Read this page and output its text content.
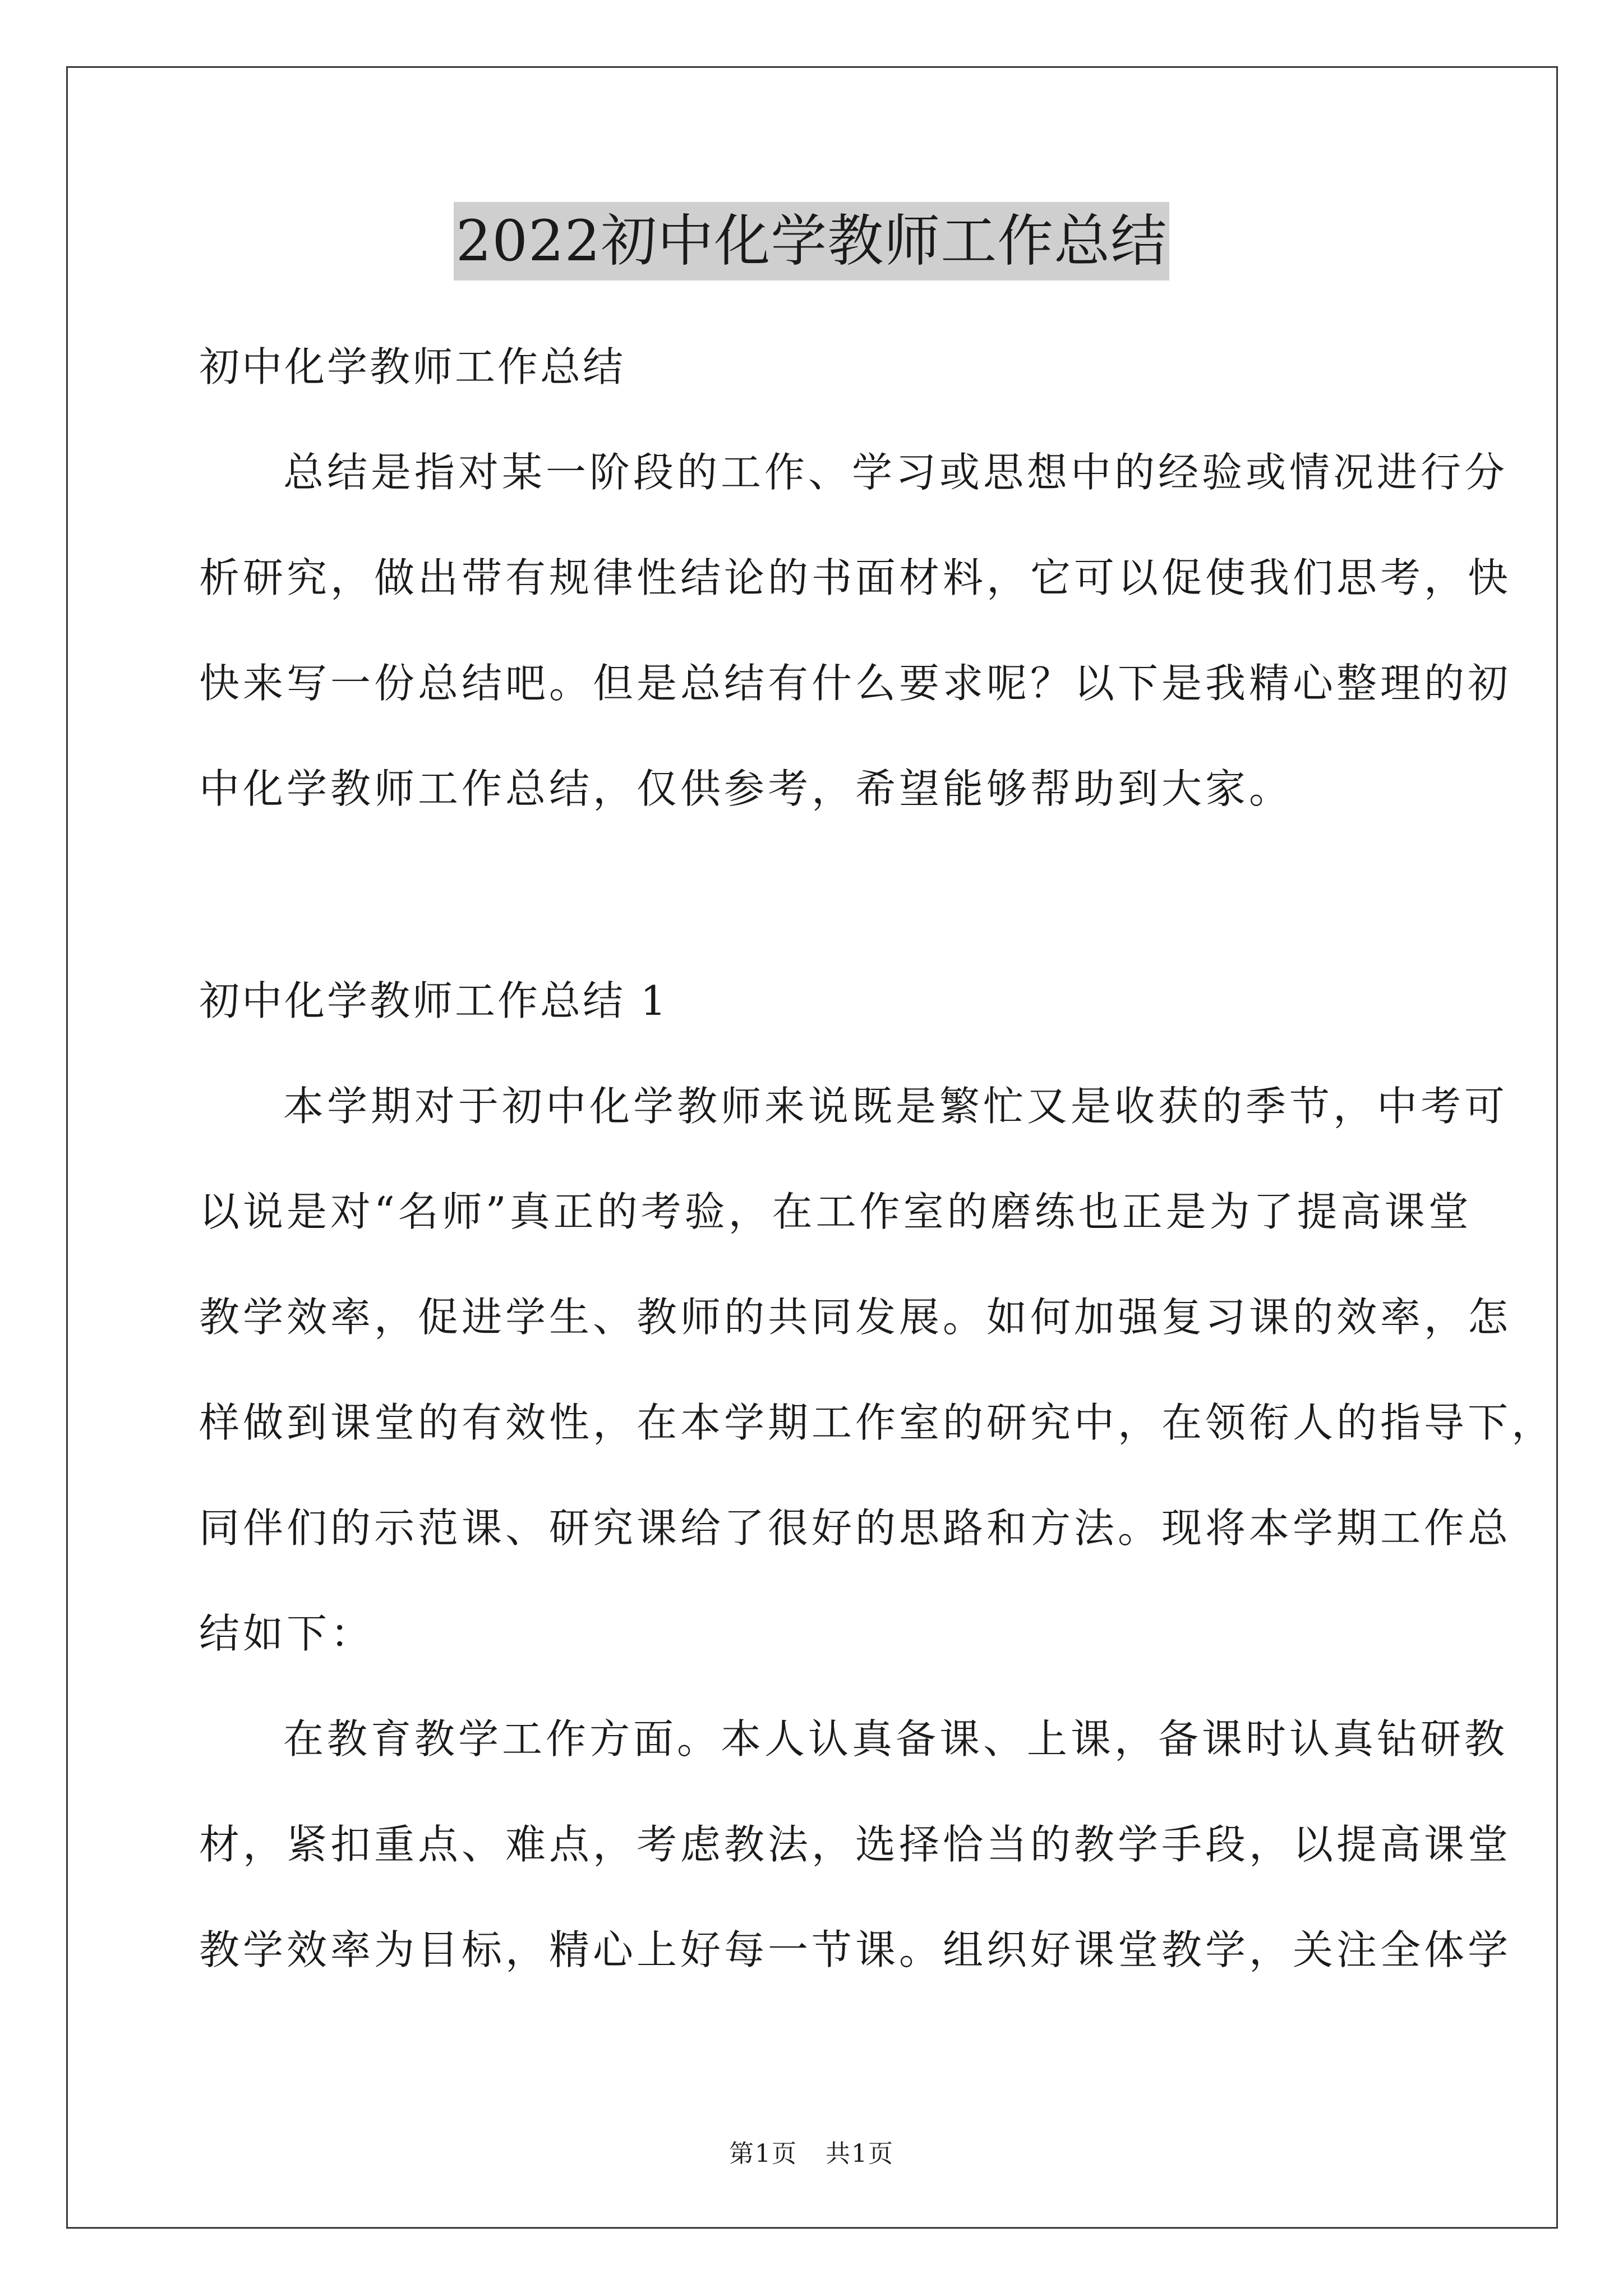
2022初中化学教师工作总结
初中化学教师工作总结
总结是指对某一阶段的工作、学习或思想中的经验或情况进行分
析研究，做出带有规律性结论的书面材料，它可以促使我们思考，快
快来写一份总结吧。但是总结有什么要求呢？以下是我精心整理的初
中化学教师工作总结，仅供参考，希望能够帮助到大家。
初中化学教师工作总结 1
本学期对于初中化学教师来说既是繁忙又是收获的季节，中考可
以说是对“名师”真正的考验，在工作室的磨练也正是为了提高课堂
教学效率，促进学生、教师的共同发展。如何加强复习课的效率，怎
样做到课堂的有效性，在本学期工作室的研究中，在领衔人的指导下，
同伴们的示范课、研究课给了很好的思路和方法。现将本学期工作总
结如下：
在教育教学工作方面。本人认真备课、上课，备课时认真钻研教
材，紧扣重点、难点，考虑教法，选择恰当的教学手段，以提高课堂
教学效率为目标，精心上好每一节课。组织好课堂教学，关注全体学
第1页 共1页
